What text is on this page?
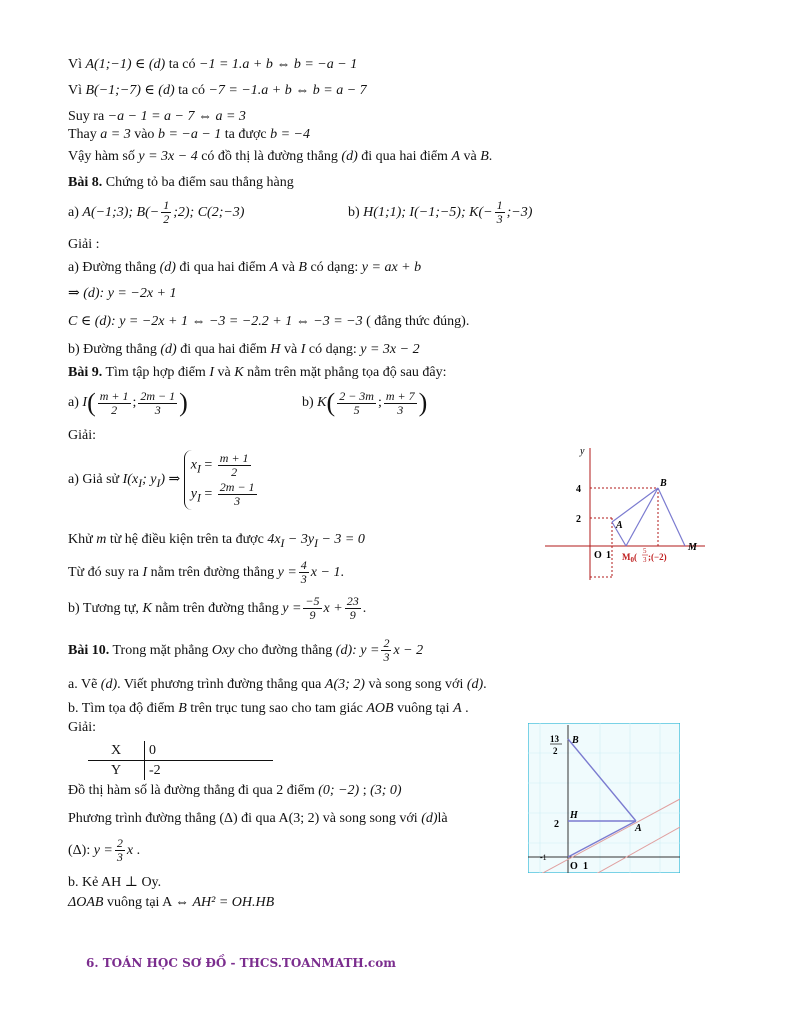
Vì A(1;−1) ∈ (d) ta có −1 = 1.a + b ⇔ b = −a − 1
Vì B(−1;−7) ∈ (d) ta có −7 = −1.a + b ⇔ b = a − 7
Suy ra −a − 1 = a − 7 ⇔ a = 3
Thay a = 3 vào b = −a − 1 ta được b = −4
Vậy hàm số y = 3x − 4 có đồ thị là đường thẳng (d) đi qua hai điểm A và B.
Bài 8. Chứng tỏ ba điểm sau thẳng hàng
a) A(−1;3); $B(- \frac{1}{2}$ ;2); C(2;−3)	b) H(1;1); I(−1;−5); $K(- \frac{1}{3}$ ;−3)
Giải :
a) Đường thẳng (d) đi qua hai điểm A và B có dạng: y = ax + b
⇒ (d): y = −2x + 1
C ∈ (d): y = −2x + 1 ⇔ −3 = −2.2 + 1 ⇔ −3 = −3 ( đẳng thức đúng).
b) Đường thẳng (d) đi qua hai điểm H và I có dạng: y = 3x − 2
Bài 9. Tìm tập hợp điểm I và K nằm trên mặt phẳng tọa độ sau đây:
a) $I( \frac{m + 1}{2}$ ; $\frac{2m - 1}{3}$ )	b) $K( \frac{2 - 3m}{5}$ ; $\frac{m + 7}{3}$ )
Giải:
a) Giả sử $I(x_I$; $y_I$) ⇒
$x_I = \frac{m + 1}{2}$
$y_I = \frac{2m - 1}{3}$
Khử m từ hệ điều kiện trên ta được $4x_I - 3y_I - 3 = 0$
Từ đó suy ra I nằm trên đường thẳng $y = \frac{4}{3}$ x − 1.
b) Tương tự, K nằm trên đường thẳng $y = \frac{-5}{9}$ $x + \frac{23}{9}$ .
Bài 10. Trong mặt phẳng Oxy cho đường thẳng (d): $y = \frac{2}{3}$ x − 2
a. Vẽ (d). Viết phương trình đường thẳng qua A(3; 2) và song song với (d).
b. Tìm tọa độ điểm B trên trục tung sao cho tam giác AOB vuông tại A .
Giải:
X	0
Y	-2
Đồ thị hàm số là đường thẳng đi qua 2 điểm (0; −2) ; (3; 0)
Phương trình đường thẳng (Δ) đi qua A(3; 2) và song song với (d)là
(Δ): $y = \frac{2}{3}$ x .
b. Kẻ AH ⊥ Oy.
ΔOAB vuông tại A ⇔ AH² = OH.HB
y
4
2
O 1
A
B
M
$M_0$(
5
3 ;(−2)
B
H
A
O 1
13
2
2
-1
6. TOÁN HỌC SƠ ĐỒ - THCS.TOANMATH.com
